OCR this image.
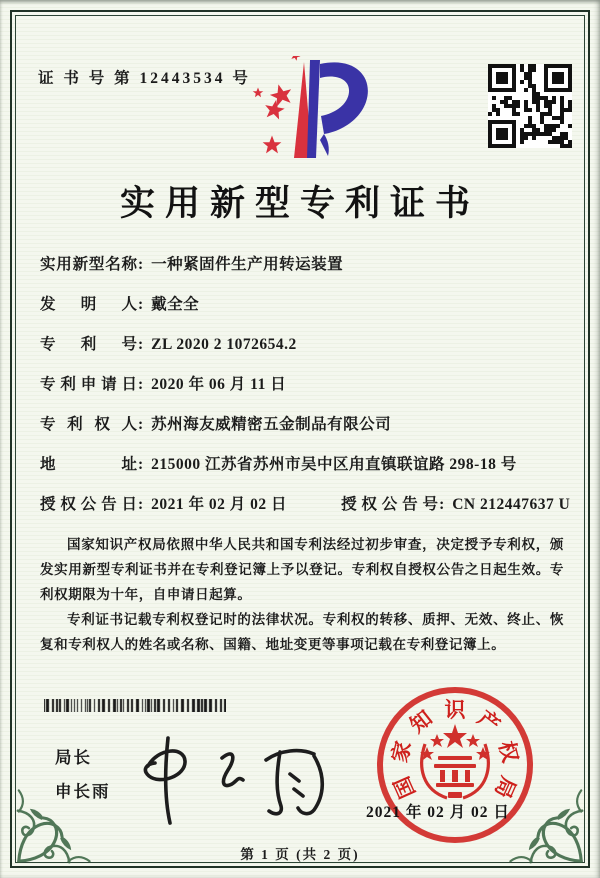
证 书 号 第 12443534 号
实用新型专利证书
实用新型名称 : 一种紧固件生产用转运装置
发明人 : 戴全全
专利号 : ZL 2020 2 1072654.2
专利申请日 : 2020 年 06 月 11 日
专利权人 : 苏州海友威精密五金制品有限公司
地址 : 215000 江苏省苏州市吴中区甪直镇联谊路 298-18 号
授权公告日 : 2021 年 02 月 02 日	授权公告号 : CN 212447637 U

国家知识产权局依照中华人民共和国专利法经过初步审查，决定授予专利权，颁发实用新型专利证书并在专利登记簿上予以登记。专利权自授权公告之日起生效。专利权期限为十年，自申请日起算。

专利证书记载专利权登记时的法律状况。专利权的转移、质押、无效、终止、恢复和专利权人的姓名或名称、国籍、地址变更等事项记载在专利登记簿上。

局长
申长雨	国
家
知 识 产
权
局
2021 年 02 月 02 日
第 1 页 (共 2 页)
